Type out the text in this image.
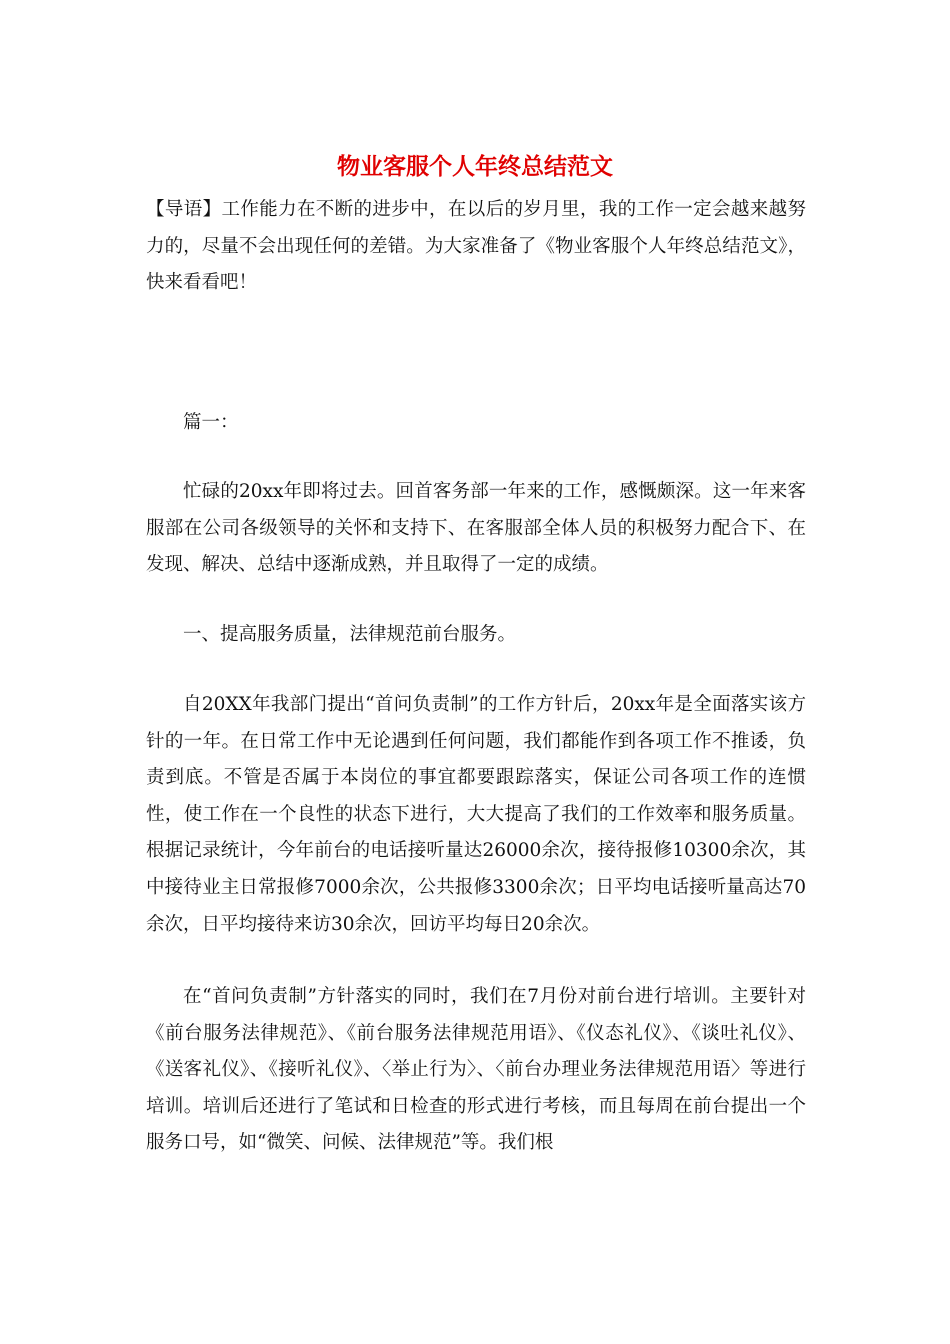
物业客服个人年终总结范文

【导语】工作能力在不断的进步中，在以后的岁月里，我的工作一定会越来越努力的，尽量不会出现任何的差错。为大家准备了《物业客服个人年终总结范文》，快来看看吧！

篇一：

忙碌的20xx年即将过去。回首客务部一年来的工作，感慨颇深。这一年来客服部在公司各级领导的关怀和支持下、在客服部全体人员的积极努力配合下、在发现、解决、总结中逐渐成熟，并且取得了一定的成绩。

一、提高服务质量，法律规范前台服务。

自20XX年我部门提出“首问负责制”的工作方针后，20xx年是全面落实该方针的一年。在日常工作中无论遇到任何问题，我们都能作到各项工作不推诿，负责到底。不管是否属于本岗位的事宜都要跟踪落实，保证公司各项工作的连惯性，使工作在一个良性的状态下进行，大大提高了我们的工作效率和服务质量。根据记录统计，今年前台的电话接听量达26000余次，接待报修10300余次，其中接待业主日常报修7000余次，公共报修3300余次；日平均电话接听量高达70余次，日平均接待来访30余次，回访平均每日20余次。

在“首问负责制”方针落实的同时，我们在7月份对前台进行培训。主要针对《前台服务法律规范》、《前台服务法律规范用语》、《仪态礼仪》、《谈吐礼仪》、《送客礼仪》、《接听礼仪》、〈举止行为〉、〈前台办理业务法律规范用语〉等进行培训。培训后还进行了笔试和日检查的形式进行考核，而且每周在前台提出一个服务口号，如“微笑、问候、法律规范”等。我们根
